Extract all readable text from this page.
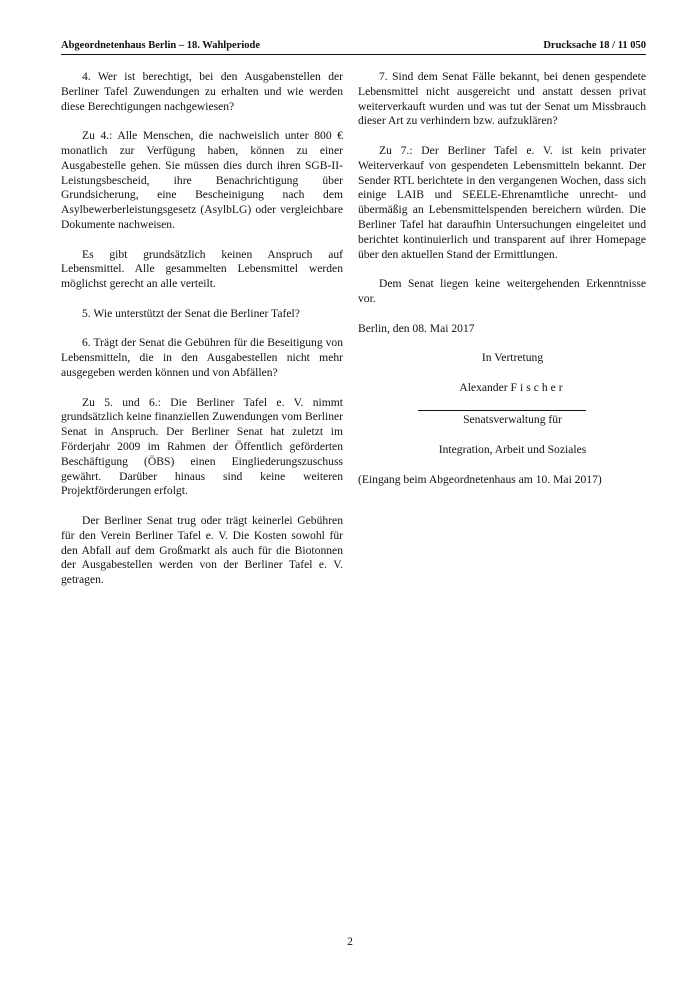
Abgeordnetenhaus Berlin – 18. Wahlperiode	Drucksache 18 / 11 050

4. Wer ist berechtigt, bei den Ausgabenstellen der Berliner Tafel Zuwendungen zu erhalten und wie werden diese Berechtigungen nachgewiesen?

Zu 4.: Alle Menschen, die nachweislich unter 800 € monatlich zur Verfügung haben, können zu einer Ausgabestelle gehen. Sie müssen dies durch ihren SGB-II-Leistungsbescheid, ihre Benachrichtigung über Grundsicherung, eine Bescheinigung nach dem Asylbewerberleistungsgesetz (AsylbLG) oder vergleichbare Dokumente nachweisen.

Es gibt grundsätzlich keinen Anspruch auf Lebensmittel. Alle gesammelten Lebensmittel werden möglichst gerecht an alle verteilt.

5. Wie unterstützt der Senat die Berliner Tafel?

6. Trägt der Senat die Gebühren für die Beseitigung von Lebensmitteln, die in den Ausgabestellen nicht mehr ausgegeben werden können und von Abfällen?

Zu 5. und 6.: Die Berliner Tafel e. V. nimmt grundsätzlich keine finanziellen Zuwendungen vom Berliner Senat in Anspruch. Der Berliner Senat hat zuletzt im Förderjahr 2009 im Rahmen der Öffentlich geförderten Beschäftigung (ÖBS) einen Eingliederungszuschuss gewährt. Darüber hinaus sind keine weiteren Projektförderungen erfolgt.

Der Berliner Senat trug oder trägt keinerlei Gebühren für den Verein Berliner Tafel e. V. Die Kosten sowohl für den Abfall auf dem Großmarkt als auch für die Biotonnen der Ausgabestellen werden von der Berliner Tafel e. V. getragen.

7. Sind dem Senat Fälle bekannt, bei denen gespendete Lebensmittel nicht ausgereicht und anstatt dessen privat weiterverkauft wurden und was tut der Senat um Missbrauch dieser Art zu verhindern bzw. aufzuklären?

Zu 7.: Der Berliner Tafel e. V. ist kein privater Weiterverkauf von gespendeten Lebensmitteln bekannt. Der Sender RTL berichtete in den vergangenen Wochen, dass sich einige LAIB und SEELE-Ehrenamtliche unrecht- und übermäßig an Lebensmittelspenden bereichern würden. Die Berliner Tafel hat daraufhin Untersuchungen eingeleitet und berichtet kontinuierlich und transparent auf ihrer Homepage über den aktuellen Stand der Ermittlungen.

Dem Senat liegen keine weitergehenden Erkenntnisse vor.

Berlin, den 08. Mai 2017

In Vertretung

Alexander Fischer

Senatsverwaltung für

Integration, Arbeit und Soziales

(Eingang beim Abgeordnetenhaus am 10. Mai 2017)

2
